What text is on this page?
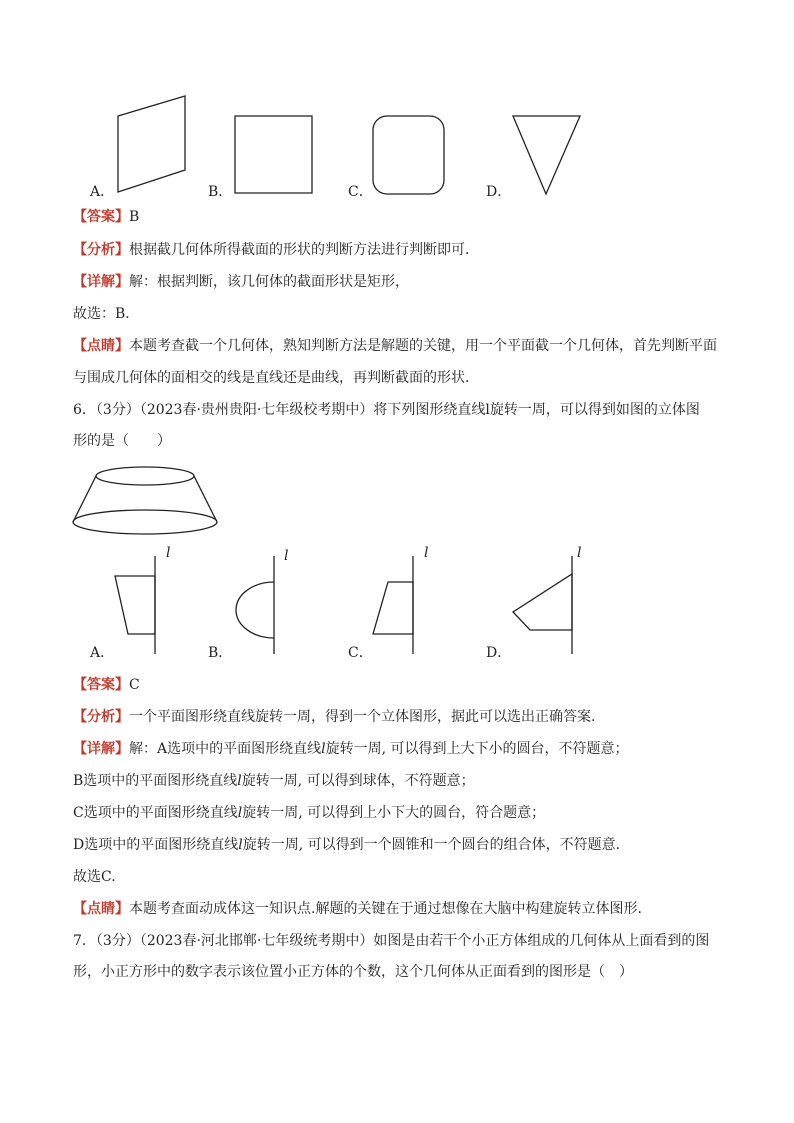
A．	B．	C．	D．
【答案】B
【分析】根据截几何体所得截面的形状的判断方法进行判断即可．
【详解】解：根据判断，该几何体的截面形状是矩形，
故选：B．
【点睛】本题考查截一个几何体，熟知判断方法是解题的关键，用一个平面截一个几何体，首先判断平面
与围成几何体的面相交的线是直线还是曲线，再判断截面的形状．
6．（3分）（2023春·贵州贵阳·七年级校考期中）将下列图形绕直线l旋转一周，可以得到如图的立体图
形的是（　　）
l
A．
l
B．
l
C．
l
D．
【答案】C
【分析】一个平面图形绕直线旋转一周，得到一个立体图形，据此可以选出正确答案.
【详解】解：A选项中的平面图形绕直线l旋转一周, 可以得到上大下小的圆台，不符题意；
B选项中的平面图形绕直线l旋转一周, 可以得到球体，不符题意；
C选项中的平面图形绕直线l旋转一周, 可以得到上小下大的圆台，符合题意；
D选项中的平面图形绕直线l旋转一周, 可以得到一个圆锥和一个圆台的组合体，不符题意.
故选C.
【点睛】本题考查面动成体这一知识点.解题的关键在于通过想像在大脑中构建旋转立体图形.
7．（3分）（2023春·河北邯郸·七年级统考期中）如图是由若干个小正方体组成的几何体从上面看到的图
形，小正方形中的数字表示该位置小正方体的个数，这个几何体从正面看到的图形是（　）
